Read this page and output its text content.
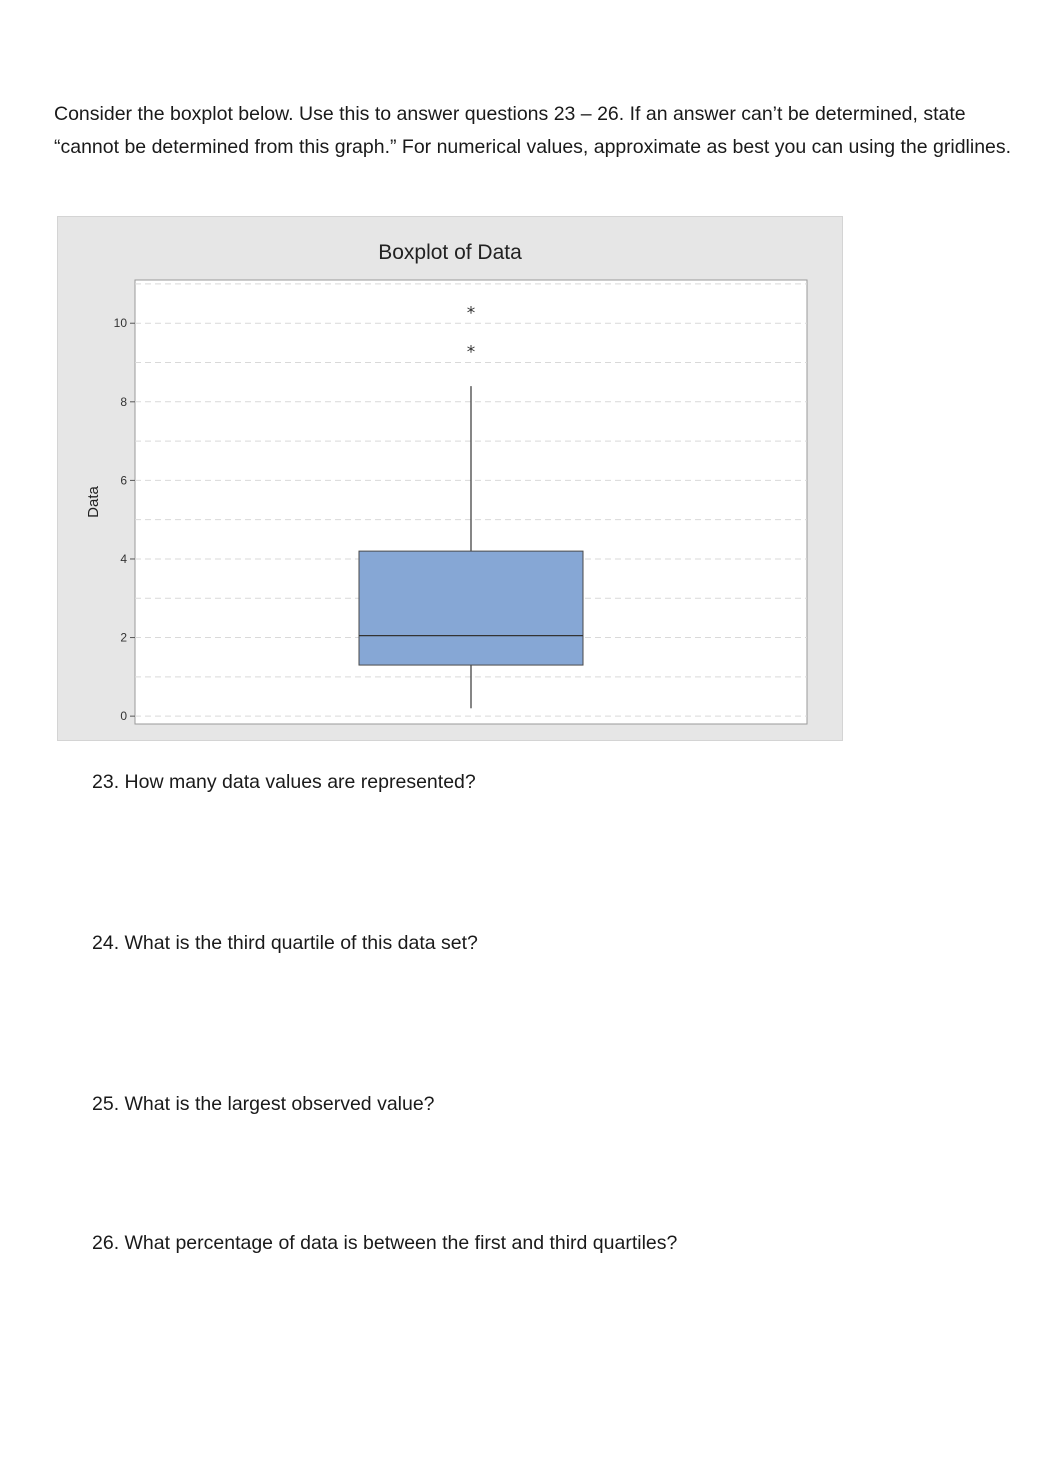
Consider the boxplot below. Use this to answer questions 23 – 26. If an answer can’t be determined, state “cannot be determined from this graph.” For numerical values, approximate as best you can using the gridlines.

Boxplot of Data
0
2
4
6
8
10
Data
*
*

23. How many data values are represented?

24. What is the third quartile of this data set?

25. What is the largest observed value?

26. What percentage of data is between the first and third quartiles?
